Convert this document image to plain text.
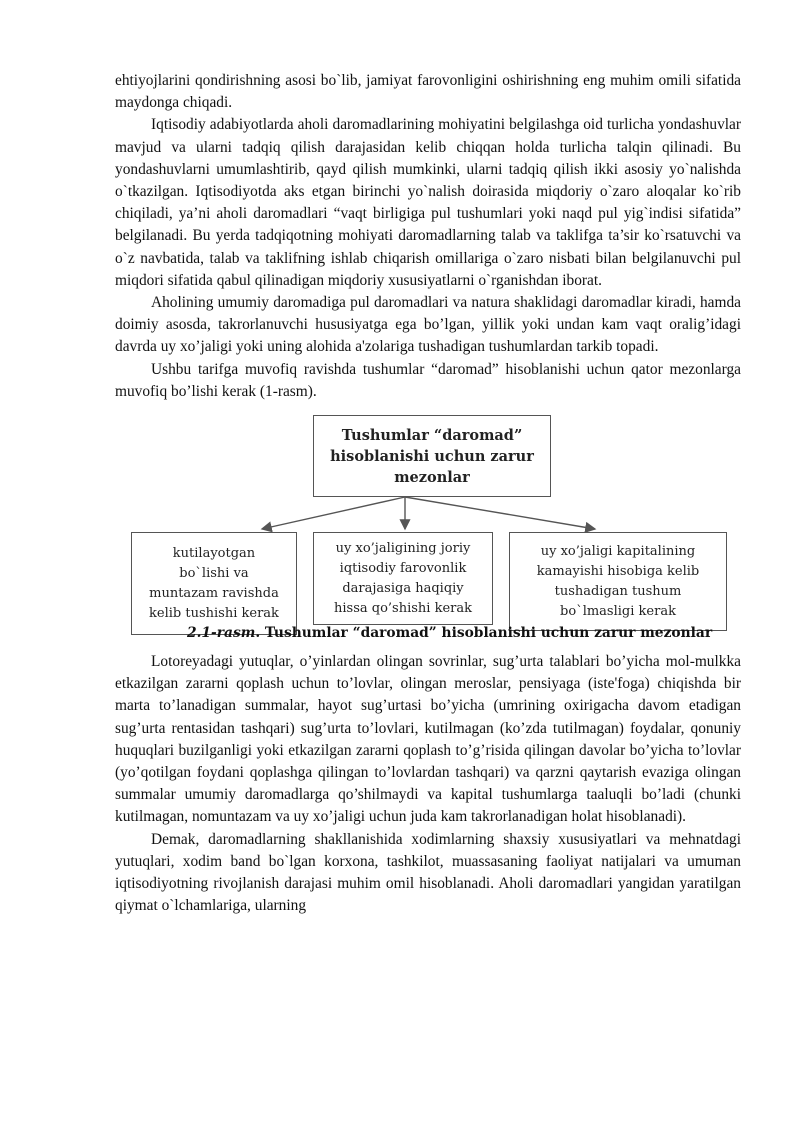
ehtiyojlarini qondirishning asosi bo`lib, jamiyat farovonligini oshirishning eng muhim omili sifatida maydonga chiqadi.

Iqtisodiy adabiyotlarda aholi daromadlarining mohiyatini belgilashga oid turlicha yondashuvlar mavjud va ularni tadqiq qilish darajasidan kelib chiqqan holda turlicha talqin qilinadi. Bu yondashuvlarni umumlashtirib, qayd qilish mumkinki, ularni tadqiq qilish ikki asosiy yo`nalishda o`tkazilgan. Iqtisodiyotda aks etgan birinchi yo`nalish doirasida miqdoriy o`zaro aloqalar ko`rib chiqiladi, ya’ni aholi daromadlari “vaqt birligiga pul tushumlari yoki naqd pul yig`indisi sifatida” belgilanadi. Bu yerda tadqiqotning mohiyati daromadlarning talab va taklifga ta’sir ko`rsatuvchi va o`z navbatida, talab va taklifning ishlab chiqarish omillariga o`zaro nisbati bilan belgilanuvchi pul miqdori sifatida qabul qilinadigan miqdoriy xususiyatlarni o`rganishdan iborat.

Aholining umumiy daromadiga pul daromadlari va natura shaklidagi daromadlar kiradi, hamda doimiy asosda, takrorlanuvchi hususiyatga ega bo’lgan, yillik yoki undan kam vaqt oralig’idagi davrda uy xo’jaligi yoki uning alohida a'zolariga tushadigan tushumlardan tarkib topadi.

Ushbu tarifga muvofiq ravishda tushumlar “daromad” hisoblanishi uchun qator mezonlarga muvofiq bo’lishi kerak (1-rasm).

Tushumlar “daromad”
hisoblanishi uchun zarur
mezonlar
kutilayotgan
bo`lishi va
muntazam ravishda
kelib tushishi kerak
uy xo’jaligining joriy
iqtisodiy farovonlik
darajasiga haqiqiy
hissa qo’shishi kerak
uy xo’jaligi kapitalining
kamayishi hisobiga kelib
tushadigan tushum
bo`lmasligi kerak
2.1-rasm. Tushumlar “daromad” hisoblanishi uchun zarur mezonlar

Lotoreyadagi yutuqlar, o’yinlardan olingan sovrinlar, sug’urta talablari bo’yicha mol-mulkka etkazilgan zararni qoplash uchun to’lovlar, olingan meroslar, pensiyaga (iste'foga) chiqishda bir marta to’lanadigan summalar, hayot sug’urtasi bo’yicha (umrining oxirigacha davom etadigan sug’urta rentasidan tashqari) sug’urta to’lovlari, kutilmagan (ko’zda tutilmagan) foydalar, qonuniy huquqlari buzilganligi yoki etkazilgan zararni qoplash to’g’risida qilingan davolar bo’yicha to’lovlar (yo’qotilgan foydani qoplashga qilingan to’lovlardan tashqari) va qarzni qaytarish evaziga olingan summalar umumiy daromadlarga qo’shilmaydi va kapital tushumlarga taaluqli bo’ladi (chunki kutilmagan, nomuntazam va uy xo’jaligi uchun juda kam takrorlanadigan holat hisoblanadi).

Demak, daromadlarning shakllanishida xodimlarning shaxsiy xususiyatlari va mehnatdagi yutuqlari, xodim band bo`lgan korxona, tashkilot, muassasaning faoliyat natijalari va umuman iqtisodiyotning rivojlanish darajasi muhim omil hisoblanadi. Aholi daromadlari yangidan yaratilgan qiymat o`lchamlariga, ularning
